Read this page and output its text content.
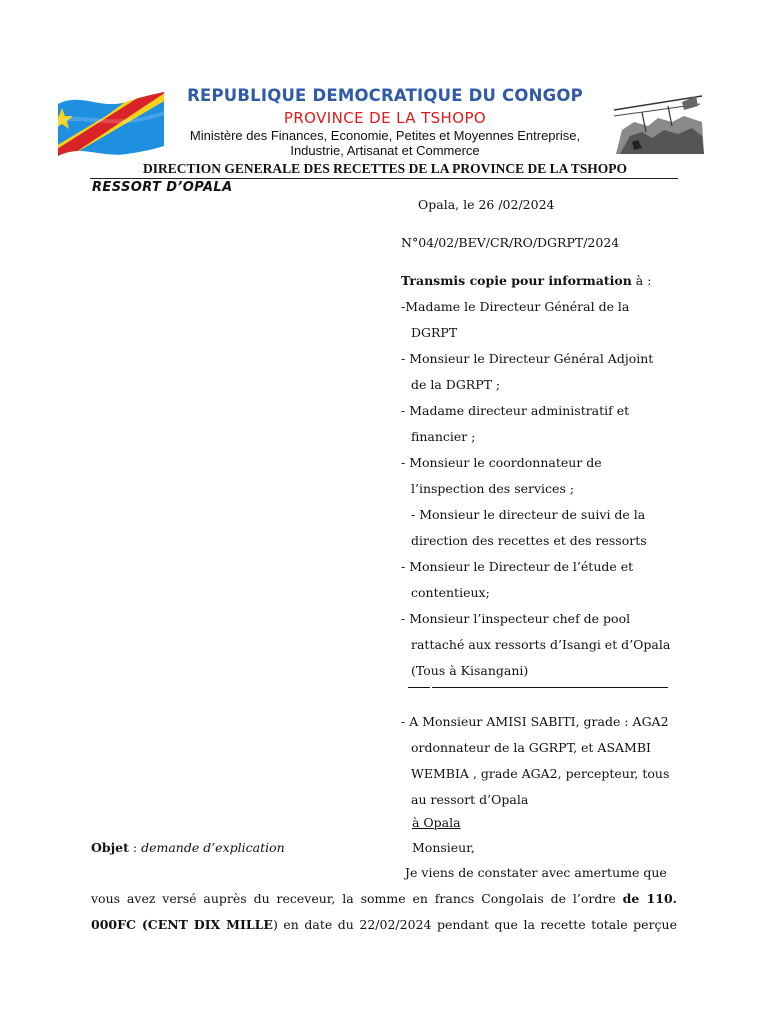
REPUBLIQUE DEMOCRATIQUE DU CONGOP
PROVINCE DE LA TSHOPO
Ministère des Finances, Economie, Petites et Moyennes Entreprise,
Industrie, Artisanat et Commerce
DIRECTION GENERALE DES RECETTES DE LA PROVINCE DE LA TSHOPO
RESSORT D’OPALA
Opala, le 26 /02/2024
N°04/02/BEV/CR/RO/DGRPT/2024
Transmis copie pour information à :
-Madame le Directeur Général de la
DGRPT
- Monsieur le Directeur Général Adjoint
de la DGRPT ;
- Madame directeur administratif et
financier ;
- Monsieur le coordonnateur de
l’inspection des services ;
- Monsieur le directeur de suivi de la
direction des recettes et des ressorts
- Monsieur le Directeur de l’étude et
contentieux;
- Monsieur l’inspecteur chef de pool
rattaché aux ressorts d’Isangi et d’Opala
(Tous à Kisangani)
- A Monsieur AMISI SABITI, grade : AGA2
ordonnateur de la GGRPT, et ASAMBI
WEMBIA , grade AGA2, percepteur, tous
au ressort d’Opala
à Opala
Objet : demande d’explication	Monsieur,
Je viens de constater avec amertume que
vous avez versé auprès du receveur, la somme en francs Congolais de l’ordre de 110.
000FC (CENT DIX MILLE) en date du 22/02/2024 pendant que la recette totale perçue
